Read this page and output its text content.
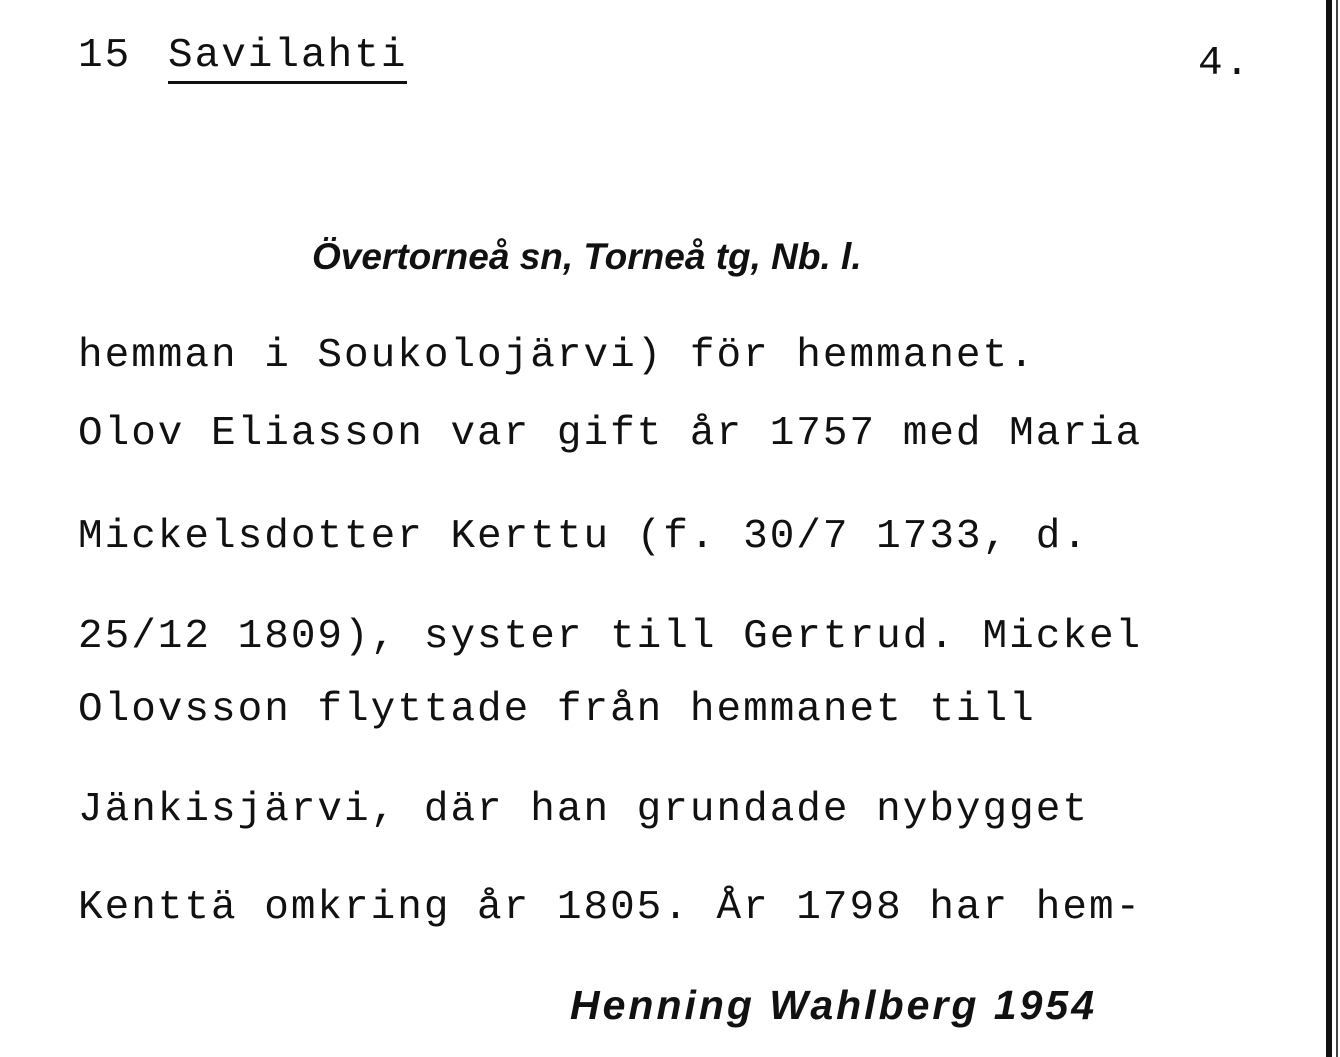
15 Savilahti	4.
Övertorneå sn, Torneå tg, Nb. l.
hemman i Soukolojärvi) för hemmanet.
Olov Eliasson var gift år 1757 med Maria
Mickelsdotter Kerttu (f. 30/7 1733, d.
25/12 1809), syster till Gertrud. Mickel
Olovsson flyttade från hemmanet till
Jänkisjärvi, där han grundade nybygget
Kenttä omkring år 1805. År 1798 har hem-
Henning Wahlberg 1954
